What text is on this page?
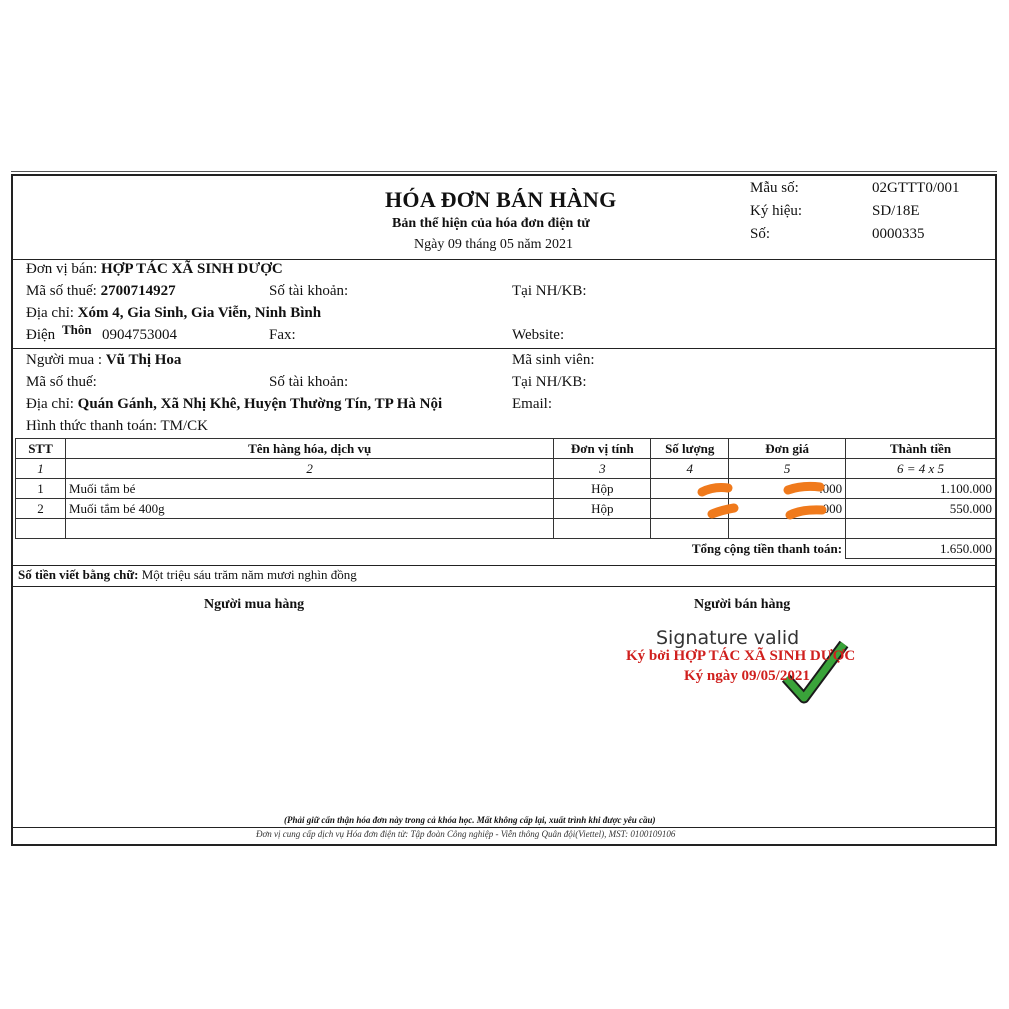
HÓA ĐƠN BÁN HÀNG
Bản thể hiện của hóa đơn điện tử
Ngày 09 tháng 05 năm 2021
Mẫu số:	02GTTT0/001
Ký hiệu:	SD/18E
Số:	0000335
Đơn vị bán: HỢP TÁC XÃ SINH DƯỢC
Mã số thuế: 2700714927	Số tài khoản:	Tại NH/KB:
Địa chỉ: Xóm 4, Gia Sinh, Gia Viễn, Ninh Bình
Điện Thôn 0904753004	Fax:	Website:
Người mua : Vũ Thị Hoa	Mã sinh viên:
Mã số thuế:	Số tài khoản:	Tại NH/KB:
Địa chỉ: Quán Gánh, Xã Nhị Khê, Huyện Thường Tín, TP Hà Nội	Email:
Hình thức thanh toán: TM/CK
STT	Tên hàng hóa, dịch vụ	Đơn vị tính	Số lượng	Đơn giá	Thành tiền
1	2	3	4	5	6 = 4 x 5
1	Muối tắm bé	Hộp		.000	1.100.000
2	Muối tắm bé 400g	Hộp		.000	550.000

Tổng cộng tiền thanh toán:					1.650.000
Số tiền viết bằng chữ: Một triệu sáu trăm năm mươi nghìn đồng
Người mua hàng	Người bán hàng
Signature valid
Ký bởi HỢP TÁC XÃ SINH DƯỢC
Ký ngày 09/05/2021
(Phải giữ cẩn thận hóa đơn này trong cả khóa học. Mất không cấp lại, xuất trình khi được yêu cầu)
Đơn vị cung cấp dịch vụ Hóa đơn điện tử: Tập đoàn Công nghiệp - Viễn thông Quân đội(Viettel), MST: 0100109106
